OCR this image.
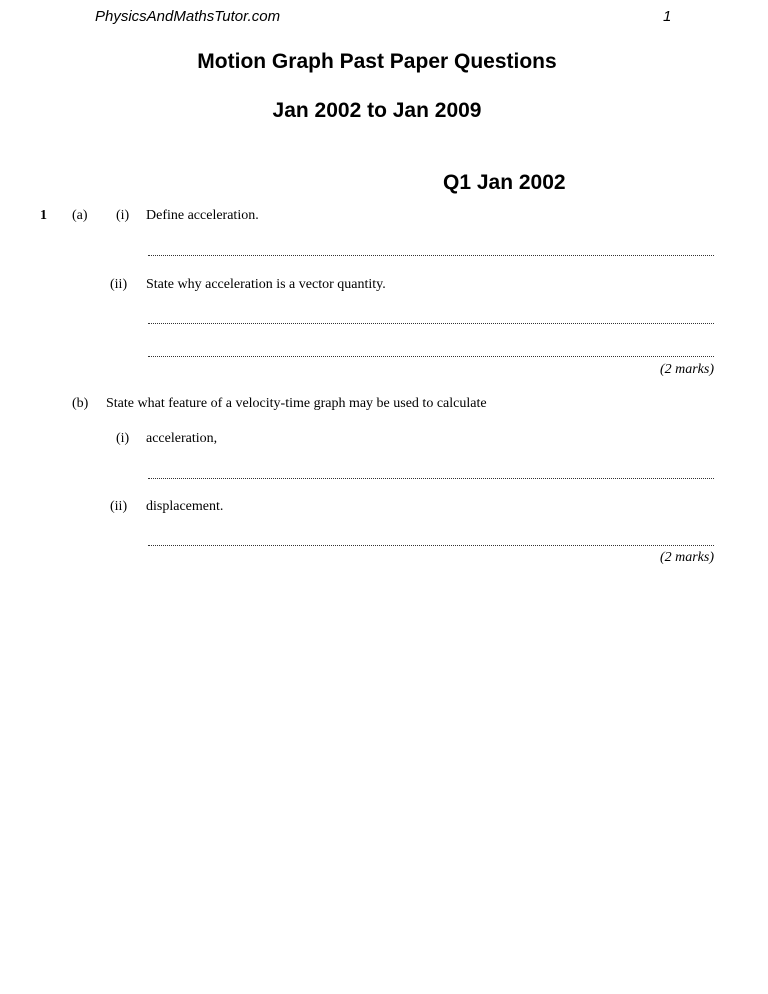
PhysicsAndMathsTutor.com	1
Motion Graph Past Paper Questions
Jan 2002 to Jan 2009
Q1 Jan 2002
1 (a) (i) Define acceleration.
(ii) State why acceleration is a vector quantity.
(2 marks)
(b) State what feature of a velocity-time graph may be used to calculate
(i) acceleration,
(ii) displacement.
(2 marks)
